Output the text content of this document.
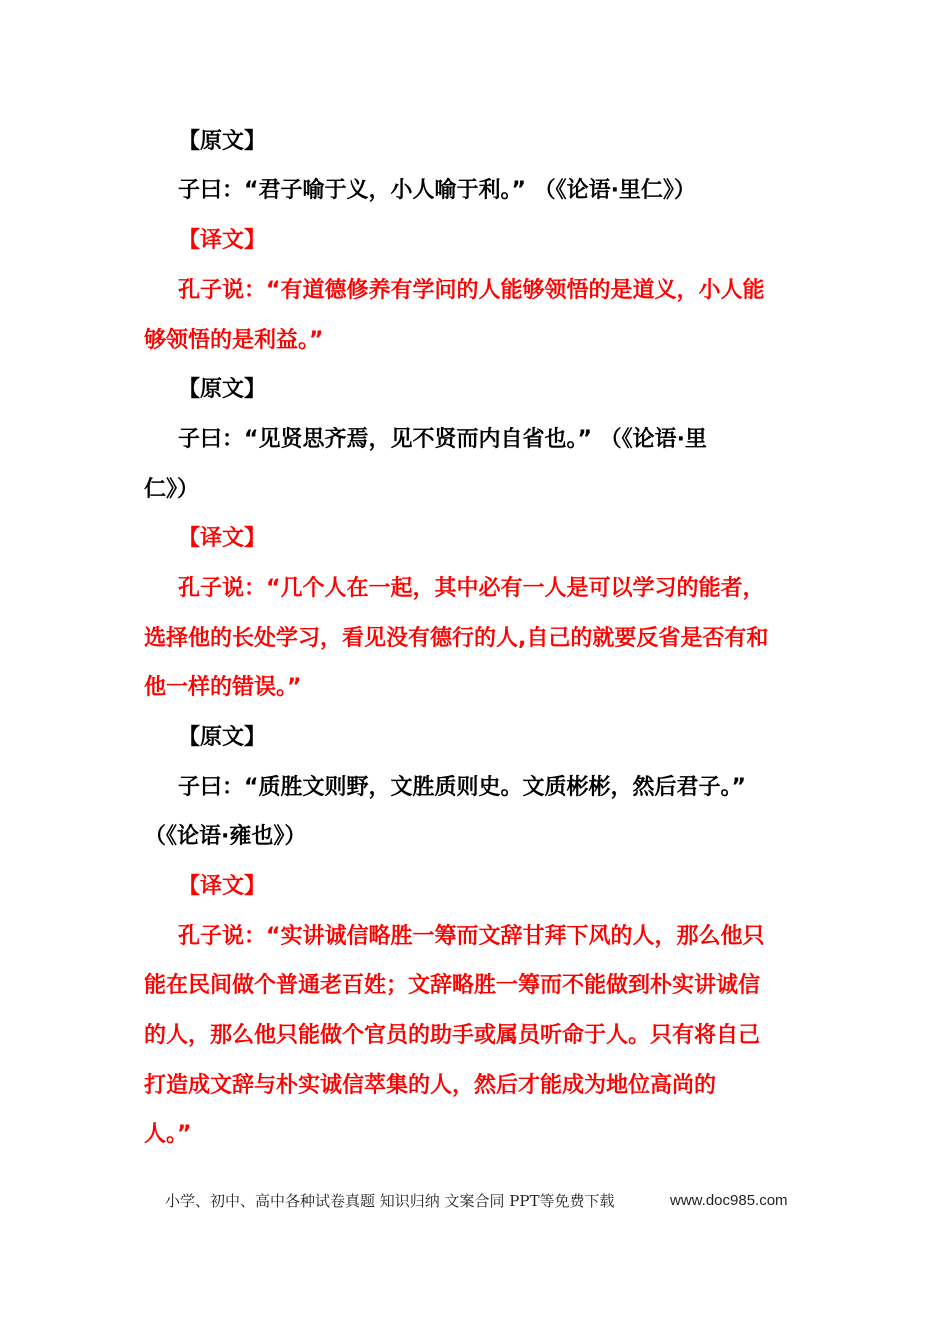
【原文】

子曰：“君子喻于义，小人喻于利。” （《论语·里仁》）

【译文】

孔子说：“有道德修养有学问的人能够领悟的是道义，小人能

够领悟的是利益。”

【原文】

子曰：“见贤思齐焉，见不贤而内自省也。” （《论语·里

仁》）

【译文】

孔子说：“几个人在一起，其中必有一人是可以学习的能者，

选择他的长处学习，看见没有德行的人,自己的就要反省是否有和

他一样的错误。”

【原文】

子曰：“质胜文则野，文胜质则史。文质彬彬，然后君子。”

（《论语·雍也》）

【译文】

孔子说：“实讲诚信略胜一筹而文辞甘拜下风的人，那么他只

能在民间做个普通老百姓；文辞略胜一筹而不能做到朴实讲诚信

的人，那么他只能做个官员的助手或属员听命于人。只有将自己

打造成文辞与朴实诚信萃集的人，然后才能成为地位高尚的

人。”

小学、初中、高中各种试卷真题 知识归纳 文案合同 PPT等免费下载	www.doc985.com
